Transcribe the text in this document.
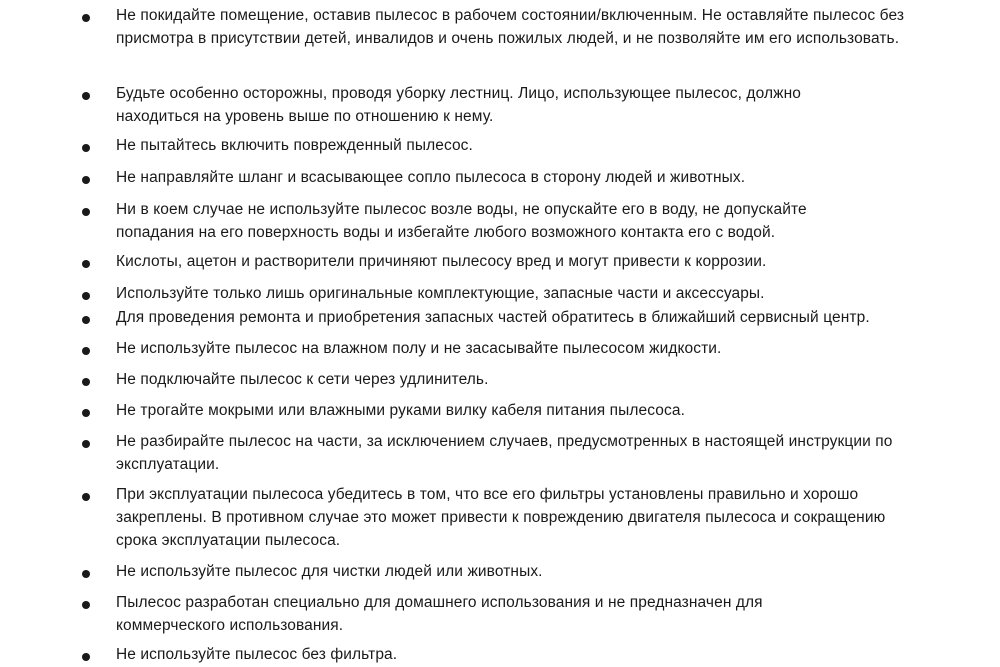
Не покидайте помещение, оставив пылесос в рабочем состоянии/включенным. Не оставляйте пылесос без присмотра в присутствии детей, инвалидов и очень пожилых людей, и не позволяйте им его использовать.
Будьте особенно осторожны, проводя уборку лестниц. Лицо, использующее пылесос, должно находиться на уровень выше по отношению к нему.
Не пытайтесь включить поврежденный пылесос.
Не направляйте шланг и всасывающее сопло пылесоса в сторону людей и животных.
Ни в коем случае не используйте пылесос возле воды, не опускайте его в воду, не допускайте попадания на его поверхность воды и избегайте любого возможного контакта его с водой.
Кислоты, ацетон и растворители причиняют пылесосу вред и могут привести к коррозии.
Используйте только лишь оригинальные комплектующие, запасные части и аксессуары.
Для проведения ремонта и приобретения запасных частей обратитесь в ближайший сервисный центр.
Не используйте пылесос на влажном полу и не засасывайте пылесосом жидкости.
Не подключайте пылесос к сети через удлинитель.
Не трогайте мокрыми или влажными руками вилку кабеля питания пылесоса.
Не разбирайте пылесос на части, за исключением случаев, предусмотренных в настоящей инструкции по эксплуатации.
При эксплуатации пылесоса убедитесь в том, что все его фильтры установлены правильно и хорошо закреплены. В противном случае это может привести к повреждению двигателя пылесоса и сокращению срока эксплуатации пылесоса.
Не используйте пылесос для чистки людей или животных.
Пылесос разработан специально для домашнего использования и не предназначен для коммерческого использования.
Не используйте пылесос без фильтра.
